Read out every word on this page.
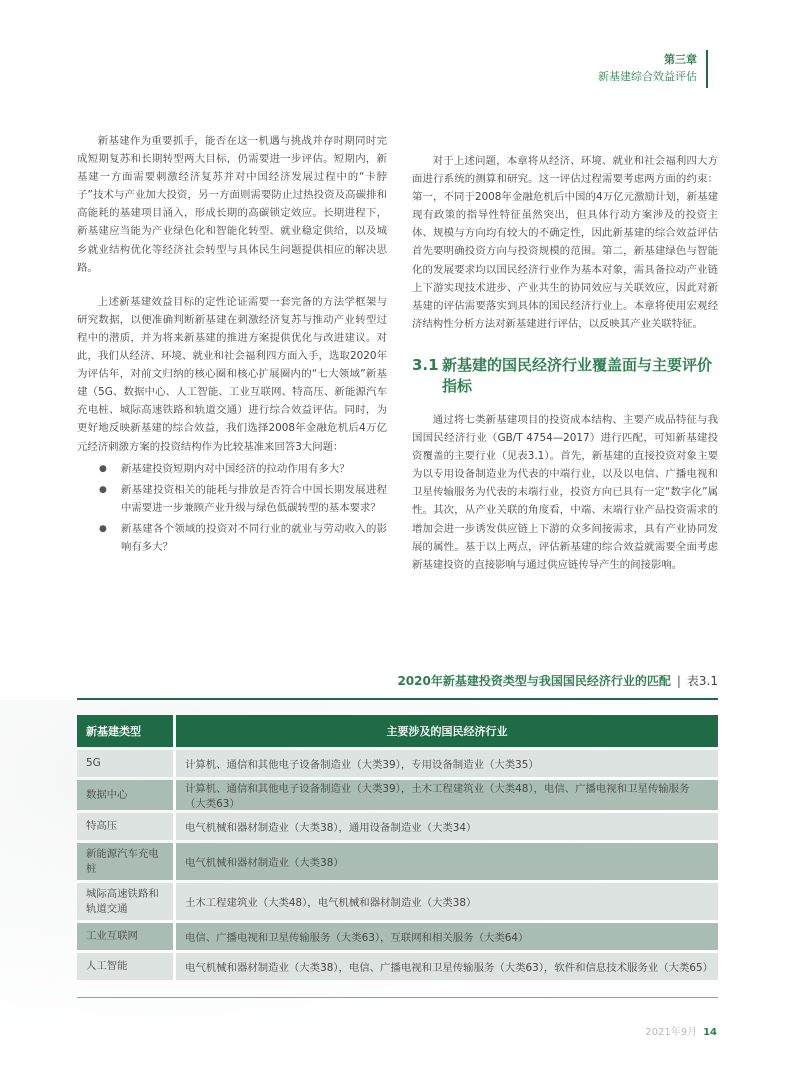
第三章
新基建综合效益评估

新基建作为重要抓手，能否在这一机遇与挑战并存时期同时完成短期复苏和长期转型两大目标，仍需要进一步评估。短期内，新基建一方面需要刺激经济复苏并对中国经济发展过程中的“卡脖子”技术与产业加大投资，另一方面则需要防止过热投资及高碳排和高能耗的基建项目涌入，形成长期的高碳锁定效应。长期进程下，新基建应当能为产业绿色化和智能化转型、就业稳定供给，以及城乡就业结构优化等经济社会转型与具体民生问题提供相应的解决思路。

上述新基建效益目标的定性论证需要一套完备的方法学框架与研究数据，以便准确判断新基建在刺激经济复苏与推动产业转型过程中的潜质，并为将来新基建的推进方案提供优化与改进建议。对此，我们从经济、环境、就业和社会福利四方面入手，选取2020年为评估年，对前文归纳的核心圈和核心扩展圈内的“七大领域”新基建（5G、数据中心、人工智能、工业互联网、特高压、新能源汽车充电桩、城际高速铁路和轨道交通）进行综合效益评估。同时，为更好地反映新基建的综合效益，我们选择2008年金融危机后4万亿元经济刺激方案的投资结构作为比较基准来回答3大问题：

● 新基建投资短期内对中国经济的拉动作用有多大？
● 新基建投资相关的能耗与排放是否符合中国长期发展进程中需要进一步兼顾产业升级与绿色低碳转型的基本要求？
● 新基建各个领域的投资对不同行业的就业与劳动收入的影响有多大？

对于上述问题，本章将从经济、环境、就业和社会福利四大方面进行系统的测算和研究。这一评估过程需要考虑两方面的约束：第一，不同于2008年金融危机后中国的4万亿元激励计划，新基建现有政策的指导性特征虽然突出，但具体行动方案涉及的投资主体、规模与方向均有较大的不确定性，因此新基建的综合效益评估首先要明确投资方向与投资规模的范围。第二，新基建绿色与智能化的发展要求均以国民经济行业作为基本对象，需具备拉动产业链上下游实现技术进步、产业共生的协同效应与关联效应，因此对新基建的评估需要落实到具体的国民经济行业上。本章将使用宏观经济结构性分析方法对新基建进行评估，以反映其产业关联特征。

3.1 新基建的国民经济行业覆盖面与主要评价指标

通过将七类新基建项目的投资成本结构、主要产成品特征与我国国民经济行业（GB/T 4754—2017）进行匹配，可知新基建投资覆盖的主要行业（见表3.1）。首先，新基建的直接投资对象主要为以专用设备制造业为代表的中端行业，以及以电信、广播电视和卫星传输服务为代表的末端行业，投资方向已具有一定“数字化”属性。其次，从产业关联的角度看，中端、末端行业产品投资需求的增加会进一步诱发供应链上下游的众多间接需求，具有产业协同发展的属性。基于以上两点，评估新基建的综合效益就需要全面考虑新基建投资的直接影响与通过供应链传导产生的间接影响。

2020年新基建投资类型与我国国民经济行业的匹配 | 表3.1
新基建类型	主要涉及的国民经济行业
5G	计算机、通信和其他电子设备制造业（大类39），专用设备制造业（大类35）
数据中心	计算机、通信和其他电子设备制造业（大类39），土木工程建筑业（大类48），电信、广播电视和卫星传输服务（大类63）
特高压	电气机械和器材制造业（大类38），通用设备制造业（大类34）
新能源汽车充电桩	电气机械和器材制造业（大类38）
城际高速铁路和轨道交通	土木工程建筑业（大类48），电气机械和器材制造业（大类38）
工业互联网	电信、广播电视和卫星传输服务（大类63），互联网和相关服务（大类64）
人工智能	电气机械和器材制造业（大类38），电信、广播电视和卫星传输服务（大类63），软件和信息技术服务业（大类65）
2021年9月 14
